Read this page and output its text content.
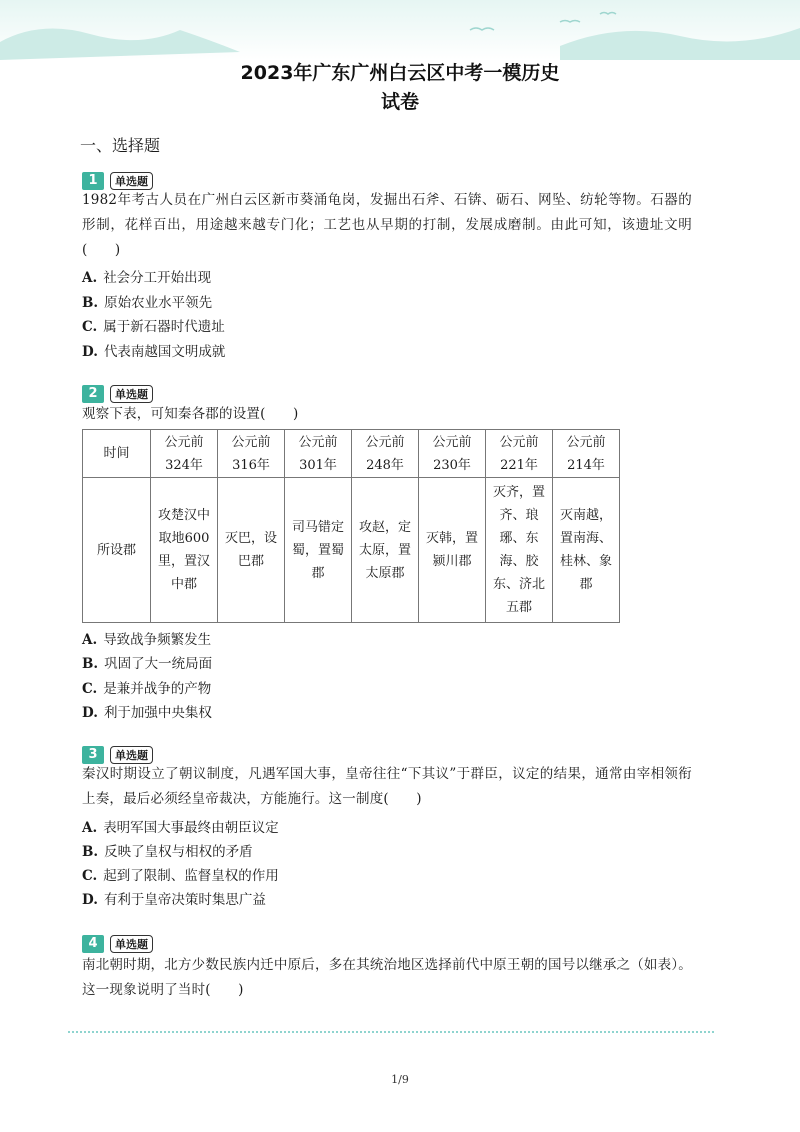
2023年广东广州白云区中考一模历史
试卷
一、选择题
1	单选题
1982年考古人员在广州白云区新市葵涌龟岗，发掘出石斧、石锛、砺石、网坠、纺轮等物。石器的形制，花样百出，用途越来越专门化；工艺也从早期的打制，发展成磨制。由此可知，该遗址文明(　　)
A. 社会分工开始出现
B. 原始农业水平领先
C. 属于新石器时代遗址
D. 代表南越国文明成就
2	单选题
观察下表，可知秦各郡的设置(　　)
时间	公元前324年	公元前316年	公元前301年	公元前248年	公元前230年	公元前221年	公元前214年
所设郡	攻楚汉中取地600里，置汉中郡	灭巴，设巴郡	司马错定蜀，置蜀郡	攻赵，定太原，置太原郡	灭韩，置颍川郡	灭齐，置齐、琅琊、东海、胶东、济北五郡	灭南越，置南海、桂林、象郡
A. 导致战争频繁发生
B. 巩固了大一统局面
C. 是兼并战争的产物
D. 利于加强中央集权
3	单选题
秦汉时期设立了朝议制度，凡遇军国大事，皇帝往往“下其议”于群臣，议定的结果，通常由宰相领衔上奏，最后必须经皇帝裁决，方能施行。这一制度(　　)
A. 表明军国大事最终由朝臣议定
B. 反映了皇权与相权的矛盾
C. 起到了限制、监督皇权的作用
D. 有利于皇帝决策时集思广益
4	单选题
南北朝时期，北方少数民族内迁中原后，多在其统治地区选择前代中原王朝的国号以继承之（如表）。这一现象说明了当时(　　)
1/9
